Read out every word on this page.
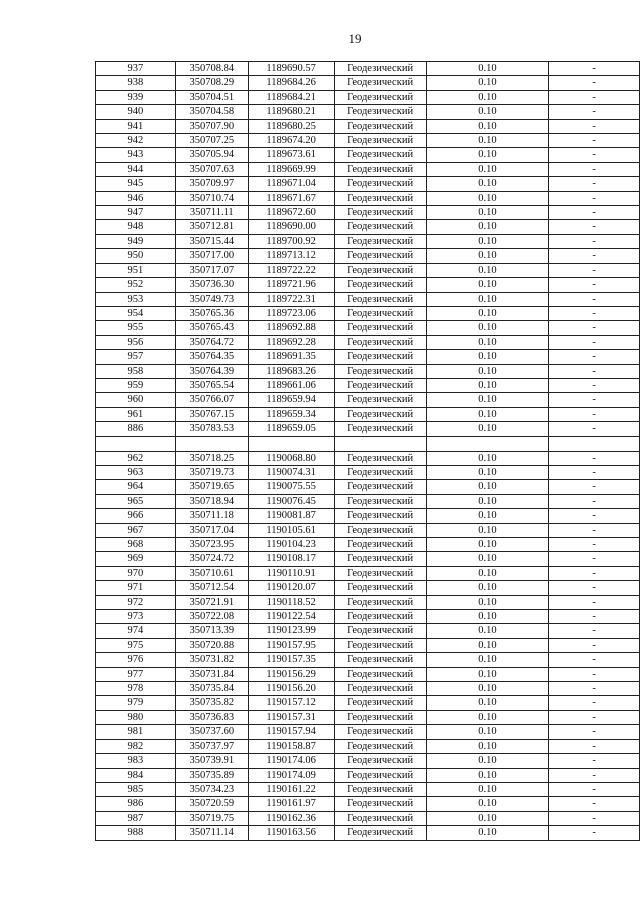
19
937	350708.84	1189690.57	Геодезический	0.10	-
938	350708.29	1189684.26	Геодезический	0.10	-
939	350704.51	1189684.21	Геодезический	0.10	-
940	350704.58	1189680.21	Геодезический	0.10	-
941	350707.90	1189680.25	Геодезический	0.10	-
942	350707.25	1189674.20	Геодезический	0.10	-
943	350705.94	1189673.61	Геодезический	0.10	-
944	350707.63	1189669.99	Геодезический	0.10	-
945	350709.97	1189671.04	Геодезический	0.10	-
946	350710.74	1189671.67	Геодезический	0.10	-
947	350711.11	1189672.60	Геодезический	0.10	-
948	350712.81	1189690.00	Геодезический	0.10	-
949	350715.44	1189700.92	Геодезический	0.10	-
950	350717.00	1189713.12	Геодезический	0.10	-
951	350717.07	1189722.22	Геодезический	0.10	-
952	350736.30	1189721.96	Геодезический	0.10	-
953	350749.73	1189722.31	Геодезический	0.10	-
954	350765.36	1189723.06	Геодезический	0.10	-
955	350765.43	1189692.88	Геодезический	0.10	-
956	350764.72	1189692.28	Геодезический	0.10	-
957	350764.35	1189691.35	Геодезический	0.10	-
958	350764.39	1189683.26	Геодезический	0.10	-
959	350765.54	1189661.06	Геодезический	0.10	-
960	350766.07	1189659.94	Геодезический	0.10	-
961	350767.15	1189659.34	Геодезический	0.10	-
886	350783.53	1189659.05	Геодезический	0.10	-

962	350718.25	1190068.80	Геодезический	0.10	-
963	350719.73	1190074.31	Геодезический	0.10	-
964	350719.65	1190075.55	Геодезический	0.10	-
965	350718.94	1190076.45	Геодезический	0.10	-
966	350711.18	1190081.87	Геодезический	0.10	-
967	350717.04	1190105.61	Геодезический	0.10	-
968	350723.95	1190104.23	Геодезический	0.10	-
969	350724.72	1190108.17	Геодезический	0.10	-
970	350710.61	1190110.91	Геодезический	0.10	-
971	350712.54	1190120.07	Геодезический	0.10	-
972	350721.91	1190118.52	Геодезический	0.10	-
973	350722.08	1190122.54	Геодезический	0.10	-
974	350713.39	1190123.99	Геодезический	0.10	-
975	350720.88	1190157.95	Геодезический	0.10	-
976	350731.82	1190157.35	Геодезический	0.10	-
977	350731.84	1190156.29	Геодезический	0.10	-
978	350735.84	1190156.20	Геодезический	0.10	-
979	350735.82	1190157.12	Геодезический	0.10	-
980	350736.83	1190157.31	Геодезический	0.10	-
981	350737.60	1190157.94	Геодезический	0.10	-
982	350737.97	1190158.87	Геодезический	0.10	-
983	350739.91	1190174.06	Геодезический	0.10	-
984	350735.89	1190174.09	Геодезический	0.10	-
985	350734.23	1190161.22	Геодезический	0.10	-
986	350720.59	1190161.97	Геодезический	0.10	-
987	350719.75	1190162.36	Геодезический	0.10	-
988	350711.14	1190163.56	Геодезический	0.10	-
